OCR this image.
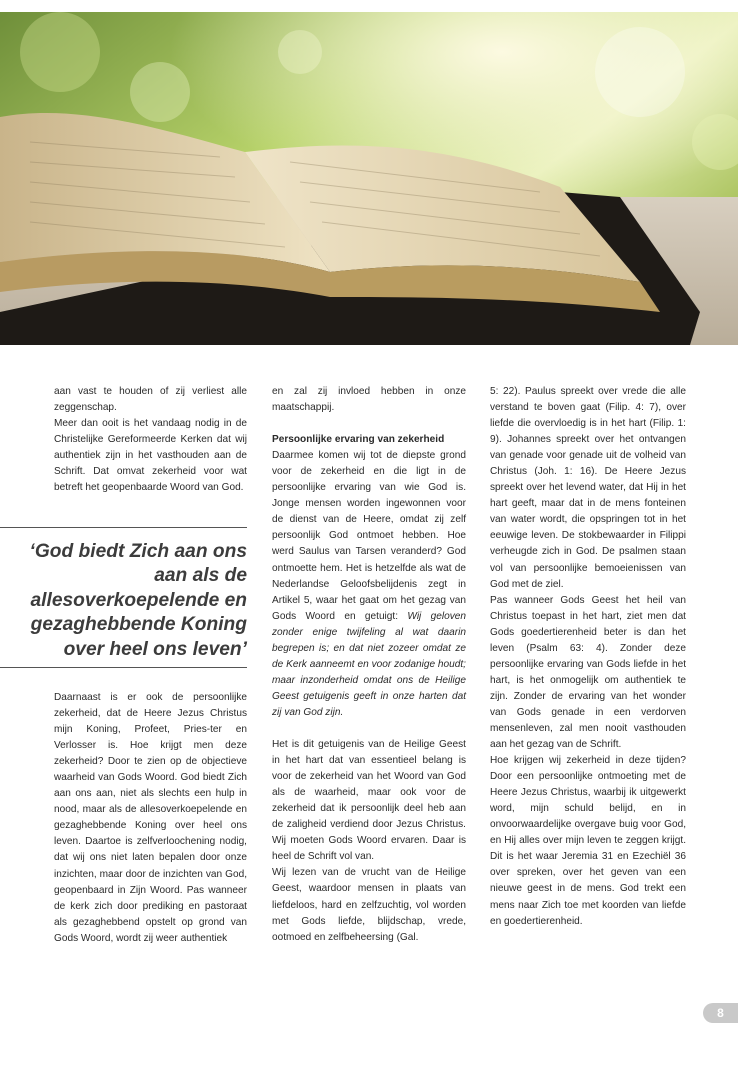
aan vast te houden of zij verliest alle zeggenschap.

Meer dan ooit is het vandaag nodig in de Christelijke Gereformeerde Kerken dat wij authentiek zijn in het vasthouden aan de Schrift. Dat omvat zekerheid voor wat betreft het geopenbaarde Woord van God.

‘God biedt Zich aan ons aan als de allesoverkoepelende en gezaghebbende Koning over heel ons leven’

Daarnaast is er ook de persoonlijke zekerheid, dat de Heere Jezus Christus mijn Koning, Profeet, Pries-ter en Verlosser is. Hoe krijgt men deze zekerheid? Door te zien op de objectieve waarheid van Gods Woord. God biedt Zich aan ons aan, niet als slechts een hulp in nood, maar als de allesoverkoepelende en gezaghebbende Koning over heel ons leven. Daartoe is zelfverloochening nodig, dat wij ons niet laten bepalen door onze inzichten, maar door de inzichten van God, geopenbaard in Zijn Woord. Pas wanneer de kerk zich door prediking en pastoraat als gezaghebbend opstelt op grond van Gods Woord, wordt zij weer authentiek

en zal zij invloed hebben in onze maatschappij.

Persoonlijke ervaring van zekerheid

Daarmee komen wij tot de diepste grond voor de zekerheid en die ligt in de persoonlijke ervaring van wie God is. Jonge mensen worden ingewonnen voor de dienst van de Heere, omdat zij zelf persoonlijk God ontmoet hebben. Hoe werd Saulus van Tarsen veranderd? God ontmoette hem. Het is hetzelfde als wat de Nederlandse Geloofsbelijdenis zegt in Artikel 5, waar het gaat om het gezag van Gods Woord en getuigt: Wij geloven zonder enige twijfeling al wat daarin begrepen is; en dat niet zozeer omdat ze de Kerk aanneemt en voor zodanige houdt; maar inzonderheid omdat ons de Heilige Geest getuigenis geeft in onze harten dat zij van God zijn.

Het is dit getuigenis van de Heilige Geest in het hart dat van essentieel belang is voor de zekerheid van het Woord van God als de waarheid, maar ook voor de zekerheid dat ik persoonlijk deel heb aan de zaligheid verdiend door Jezus Christus. Wij moeten Gods Woord ervaren. Daar is heel de Schrift vol van.

Wij lezen van de vrucht van de Heilige Geest, waardoor mensen in plaats van liefdeloos, hard en zelfzuchtig, vol worden met Gods liefde, blijdschap, vrede, ootmoed en zelfbeheersing (Gal.

5: 22). Paulus spreekt over vrede die alle verstand te boven gaat (Filip. 4: 7), over liefde die overvloedig is in het hart (Filip. 1: 9). Johannes spreekt over het ontvangen van genade voor genade uit de volheid van Christus (Joh. 1: 16). De Heere Jezus spreekt over het levend water, dat Hij in het hart geeft, maar dat in de mens fonteinen van water wordt, die opspringen tot in het eeuwige leven. De stokbewaarder in Filippi verheugde zich in God. De psalmen staan vol van persoonlijke bemoeienissen van God met de ziel.

Pas wanneer Gods Geest het heil van Christus toepast in het hart, ziet men dat Gods goedertierenheid beter is dan het leven (Psalm 63: 4). Zonder deze persoonlijke ervaring van Gods liefde in het hart, is het onmogelijk om authentiek te zijn. Zonder de ervaring van het wonder van Gods genade in een verdorven mensenleven, zal men nooit vasthouden aan het gezag van de Schrift.

Hoe krijgen wij zekerheid in deze tijden? Door een persoonlijke ontmoeting met de Heere Jezus Christus, waarbij ik uitgewerkt word, mijn schuld belijd, en in onvoorwaardelijke overgave buig voor God, en Hij alles over mijn leven te zeggen krijgt. Dit is het waar Jeremia 31 en Ezechiël 36 over spreken, over het geven van een nieuwe geest in de mens. God trekt een mens naar Zich toe met koorden van liefde en goedertierenheid.

8
